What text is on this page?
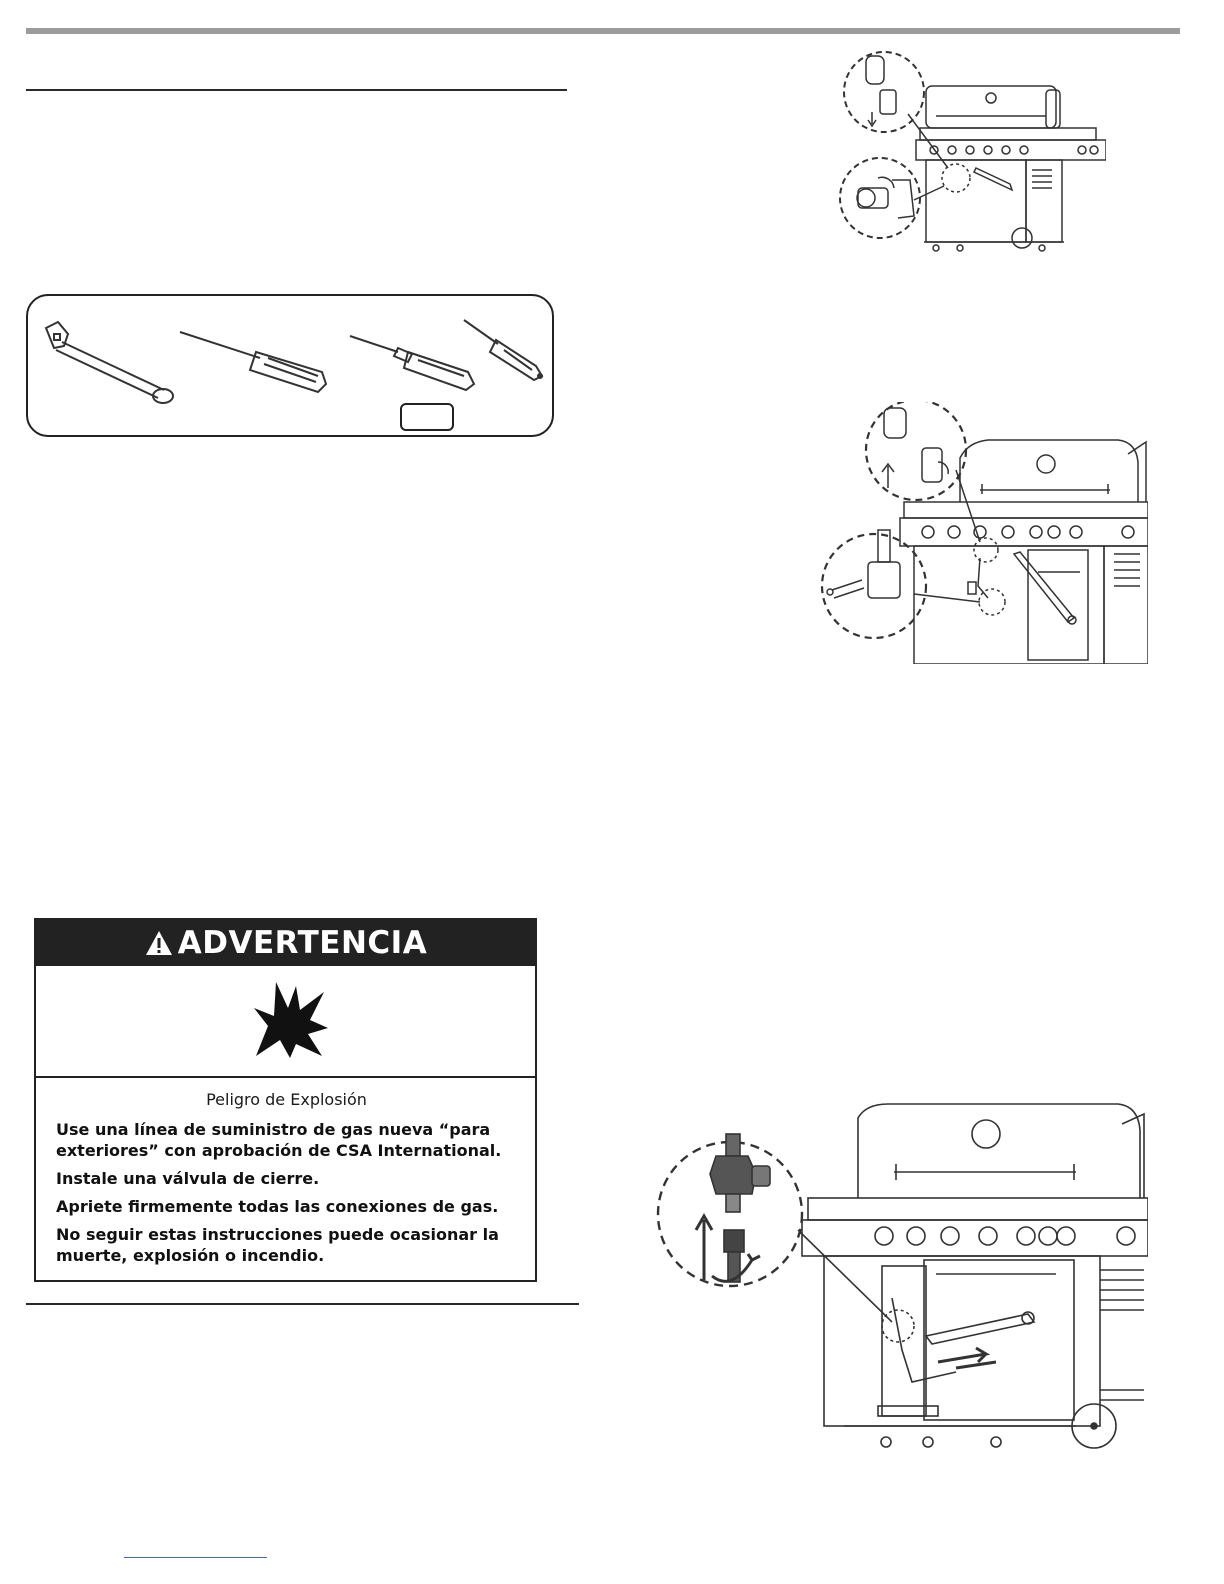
ADVERTENCIA
Peligro de Explosión
Use una línea de suministro de gas nueva “para exteriores” con aprobación de CSA International.
Instale una válvula de cierre.
Apriete firmemente todas las conexiones de gas.
No seguir estas instrucciones puede ocasionar la muerte, explosión o incendio.
